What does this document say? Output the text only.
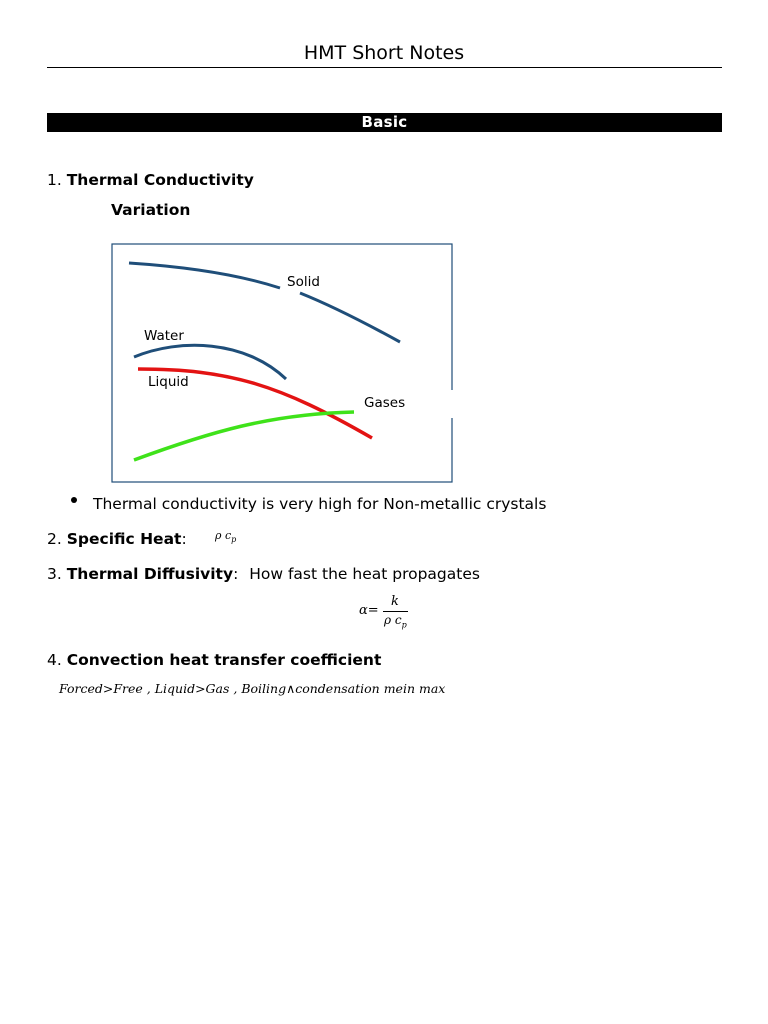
HMT Short Notes
Basic
1. Thermal Conductivity
Variation
Solid
Water
Liquid
Gases
Thermal conductivity is very high for Non-metallic crystals
2. Specific Heat:	ρ $c_p$
3. Thermal Diffusivity: How fast the heat propagates
α=
k
ρ $c_p$
4. Convection heat transfer coefficient
Forced>Free , Liquid>Gas , Boiling∧condensation mein max
